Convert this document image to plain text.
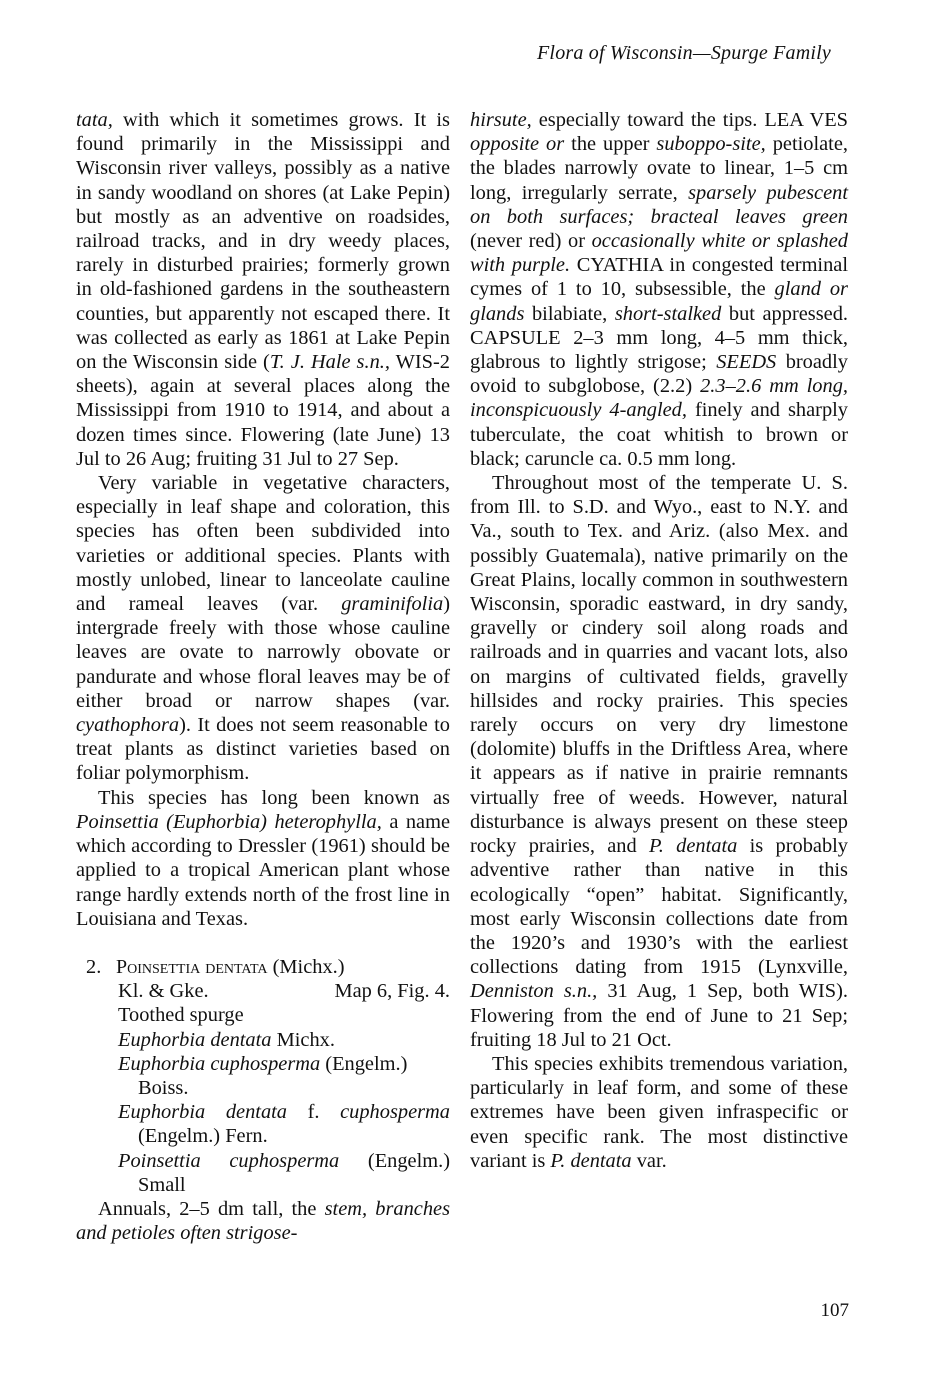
Flora of Wisconsin—Spurge Family

tata, with which it sometimes grows. It is found primarily in the Mississippi and Wisconsin river valleys, possibly as a native in sandy woodland on shores (at Lake Pepin) but mostly as an adventive on roadsides, railroad tracks, and in dry weedy places, rarely in disturbed prairies; formerly grown in old-fashioned gardens in the southeastern counties, but apparently not escaped there. It was collected as early as 1861 at Lake Pepin on the Wisconsin side (T. J. Hale s.n., WIS-2 sheets), again at several places along the Mississippi from 1910 to 1914, and about a dozen times since. Flowering (late June) 13 Jul to 26 Aug; fruiting 31 Jul to 27 Sep.

Very variable in vegetative characters, especially in leaf shape and coloration, this species has often been subdivided into varieties or additional species. Plants with mostly unlobed, linear to lanceolate cauline and rameal leaves (var. graminifolia) intergrade freely with those whose cauline leaves are ovate to narrowly obovate or pandurate and whose floral leaves may be of either broad or narrow shapes (var. cyathophora). It does not seem reasonable to treat plants as distinct varieties based on foliar polymorphism.

This species has long been known as Poinsettia (Euphorbia) heterophylla, a name which according to Dressler (1961) should be applied to a tropical American plant whose range hardly extends north of the frost line in Louisiana and Texas.

2. Poinsettia dentata (Michx.)
Kl. & Gke.	Map 6, Fig. 4.
Toothed spurge
Euphorbia dentata Michx.
Euphorbia cuphosperma (Engelm.)
Boiss.
Euphorbia dentata f. cuphosperma
(Engelm.) Fern.
Poinsettia cuphosperma (Engelm.)
Small

Annuals, 2–5 dm tall, the stem, branches and petioles often strigose-

hirsute, especially toward the tips. LEA VES opposite or the upper suboppo-site, petiolate, the blades narrowly ovate to linear, 1–5 cm long, irregularly serrate, sparsely pubescent on both surfaces; bracteal leaves green (never red) or occasionally white or splashed with purple. CYATHIA in congested terminal cymes of 1 to 10, subsessible, the gland or glands bilabiate, short-stalked but appressed. CAPSULE 2–3 mm long, 4–5 mm thick, glabrous to lightly strigose; SEEDS broadly ovoid to subglobose, (2.2) 2.3–2.6 mm long, inconspicuously 4-angled, finely and sharply tuberculate, the coat whitish to brown or black; caruncle ca. 0.5 mm long.

Throughout most of the temperate U. S. from Ill. to S.D. and Wyo., east to N.Y. and Va., south to Tex. and Ariz. (also Mex. and possibly Guatemala), native primarily on the Great Plains, locally common in southwestern Wisconsin, sporadic eastward, in dry sandy, gravelly or cindery soil along roads and railroads and in quarries and vacant lots, also on margins of cultivated fields, gravelly hillsides and rocky prairies. This species rarely occurs on very dry limestone (dolomite) bluffs in the Driftless Area, where it appears as if native in prairie remnants virtually free of weeds. However, natural disturbance is always present on these steep rocky prairies, and P. dentata is probably adventive rather than native in this ecologically “open” habitat. Significantly, most early Wisconsin collections date from the 1920’s and 1930’s with the earliest collections dating from 1915 (Lynxville, Denniston s.n., 31 Aug, 1 Sep, both WIS). Flowering from the end of June to 21 Sep; fruiting 18 Jul to 21 Oct.

This species exhibits tremendous variation, particularly in leaf form, and some of these extremes have been given infraspecific or even specific rank. The most distinctive variant is P. dentata var.

107
